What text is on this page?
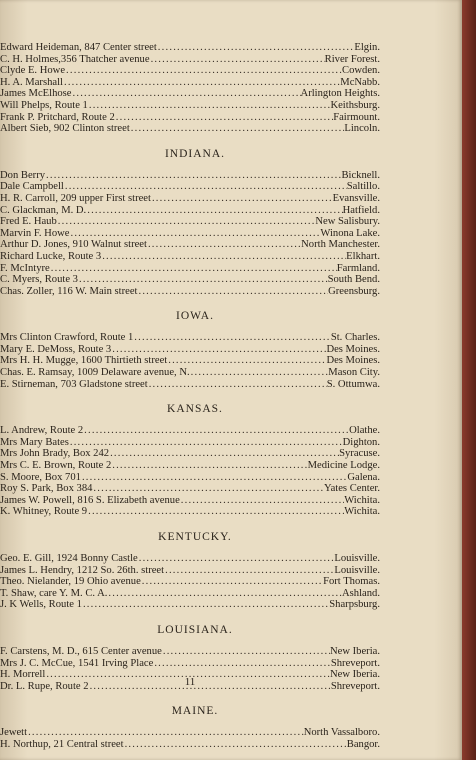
Edward Heideman, 847 Center street .....	Elgin.
C. H. Holmes,356 Thatcher avenue .....	River Forest.
Clyde E. Howe .....	Cowden.
H. A. Marshall .....	McNabb.
James McElhose .....	Arlington Heights.
Will Phelps, Route 1 .....	Keithsburg.
Frank P. Pritchard, Route 2 .....	Fairmount.
Albert Sieb, 902 Clinton street .....	Lincoln.
INDIANA.
Don Berry .....	Bicknell.
Dale Campbell .....	Saltillo.
H. R. Carroll, 209 upper First street .....	Evansville.
C. Glackman, M. D. .....	Hatfield.
Fred E. Haub .....	New Salisbury.
Marvin F. Howe .....	Winona Lake.
Arthur D. Jones, 910 Walnut street .....	North Manchester.
Richard Lucke, Route 3 .....	Elkhart.
F. McIntyre .....	Farmland.
C. Myers, Route 3 .....	South Bend.
Chas. Zoller, 116 W. Main street .....	Greensburg.
IOWA.
Mrs Clinton Crawford, Route 1 .....	St. Charles.
Mary E. DeMoss, Route 3 .....	Des Moines.
Mrs H. H. Mugge, 1600 Thirtieth street .....	Des Moines.
Chas. E. Ramsay, 1009 Delaware avenue, N. .....	Mason City.
E. Stirneman, 703 Gladstone street .....	S. Ottumwa.
KANSAS.
L. Andrew, Route 2 .....	Olathe.
Mrs Mary Bates .....	Dighton.
Mrs John Brady, Box 242 .....	Syracuse.
Mrs C. E. Brown, Route 2 .....	Medicine Lodge.
S. Moore, Box 701 .....	Galena.
Roy S. Park, Box 384 .....	Yates Center.
James W. Powell, 816 S. Elizabeth avenue .....	Wichita.
K. Whitney, Route 9 .....	Wichita.
KENTUCKY.
Geo. E. Gill, 1924 Bonny Castle .....	Louisville.
James L. Hendry, 1212 So. 26th. street .....	Louisville.
Theo. Nielander, 19 Ohio avenue .....	Fort Thomas.
T. Shaw, care Y. M. C. A. .....	Ashland.
J. K Wells, Route 1 .....	Sharpsburg.
LOUISIANA.
F. Carstens, M. D., 615 Center avenue .....	New Iberia.
Mrs J. C. McCue, 1541 Irving Place .....	Shreveport.
H. Morrell .....	New Iberia.
Dr. L. Rupe, Route 2 .....	Shreveport.
MAINE.
Jewett .....	North Vassalboro.
H. Northup, 21 Central street .....	Bangor.
11
